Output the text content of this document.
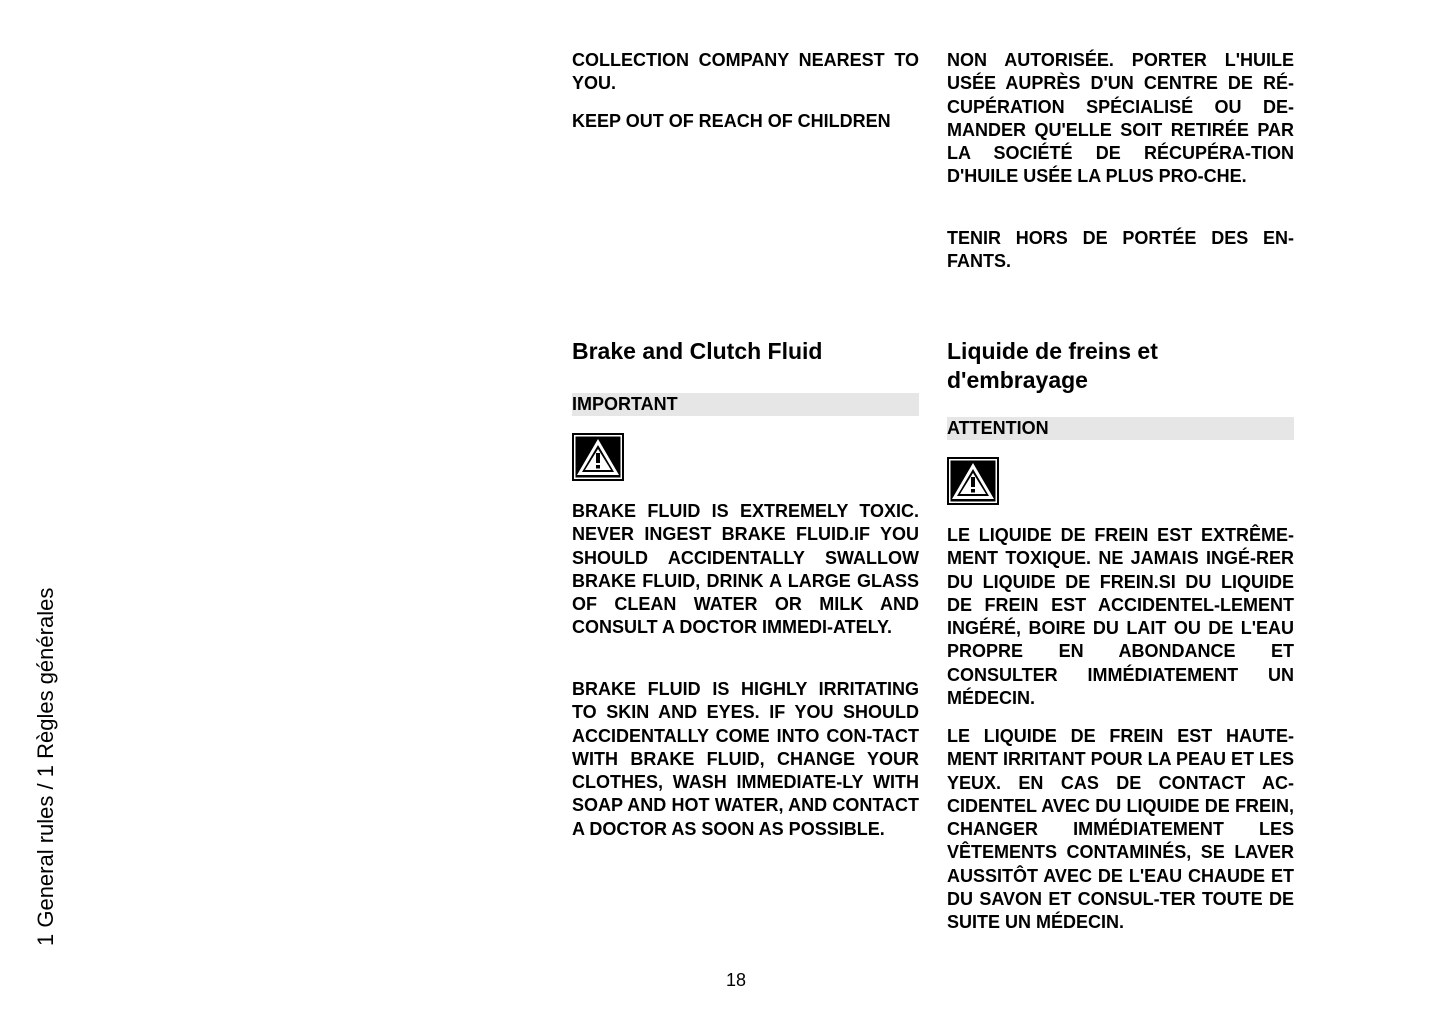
1 General rules / 1 Règles générales

COLLECTION COMPANY NEAREST TO YOU.

KEEP OUT OF REACH OF CHILDREN

Brake and Clutch Fluid
IMPORTANT

BRAKE FLUID IS EXTREMELY TOXIC. NEVER INGEST BRAKE FLUID.IF YOU SHOULD ACCIDENTALLY SWALLOW BRAKE FLUID, DRINK A LARGE GLASS OF CLEAN WATER OR MILK AND CONSULT A DOCTOR IMMEDI-ATELY.

BRAKE FLUID IS HIGHLY IRRITATING TO SKIN AND EYES. IF YOU SHOULD ACCIDENTALLY COME INTO CON-TACT WITH BRAKE FLUID, CHANGE YOUR CLOTHES, WASH IMMEDIATE-LY WITH SOAP AND HOT WATER, AND CONTACT A DOCTOR AS SOON AS POSSIBLE.

NON AUTORISÉE. PORTER L'HUILE USÉE AUPRÈS D'UN CENTRE DE RÉ-CUPÉRATION SPÉCIALISÉ OU DE-MANDER QU'ELLE SOIT RETIRÉE PAR LA SOCIÉTÉ DE RÉCUPÉRA-TION D'HUILE USÉE LA PLUS PRO-CHE.

TENIR HORS DE PORTÉE DES EN-FANTS.

Liquide de freins et
d'embrayage
ATTENTION

LE LIQUIDE DE FREIN EST EXTRÊME-MENT TOXIQUE. NE JAMAIS INGÉ-RER DU LIQUIDE DE FREIN.SI DU LIQUIDE DE FREIN EST ACCIDENTEL-LEMENT INGÉRÉ, BOIRE DU LAIT OU DE L'EAU PROPRE EN ABONDANCE ET CONSULTER IMMÉDIATEMENT UN MÉDECIN.

LE LIQUIDE DE FREIN EST HAUTE-MENT IRRITANT POUR LA PEAU ET LES YEUX. EN CAS DE CONTACT AC-CIDENTEL AVEC DU LIQUIDE DE FREIN, CHANGER IMMÉDIATEMENT LES VÊTEMENTS CONTAMINÉS, SE LAVER AUSSITÔT AVEC DE L'EAU CHAUDE ET DU SAVON ET CONSUL-TER TOUTE DE SUITE UN MÉDECIN.

18
